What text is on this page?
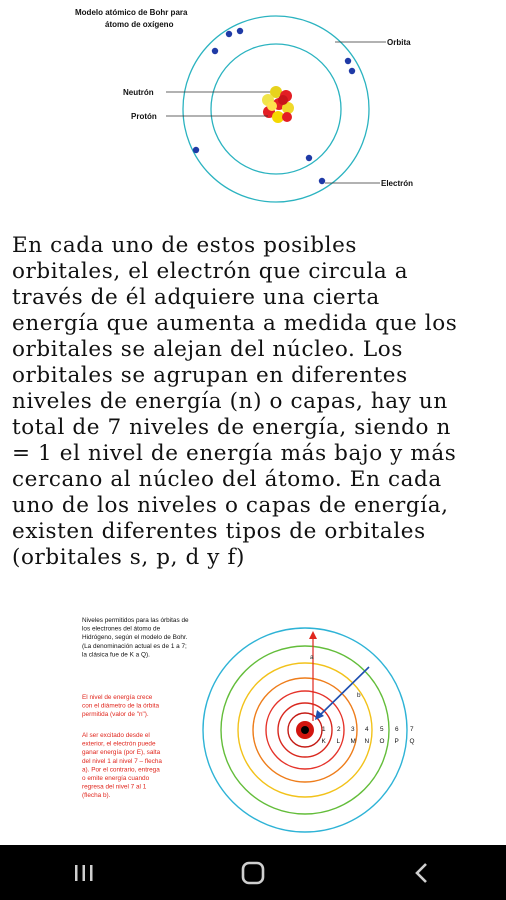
Modelo atómico de Bohr para
átomo de oxígeno
Orbita
Neutrón
Protón
Electrón

En cada uno de estos posibles
orbitales, el electrón que circula a
través de él adquiere una cierta
energía que aumenta a medida que los
orbitales se alejan del núcleo. Los
orbitales se agrupan en diferentes
niveles de energía (n) o capas, hay un
total de 7 niveles de energía, siendo n
= 1 el nivel de energía más bajo y más
cercano al núcleo del átomo. En cada
uno de los niveles o capas de energía,
existen diferentes tipos de orbitales
(orbitales s, p, d y f)

Niveles permitidos para las órbitas de
los electrones del átomo de
Hidrógeno, según el modelo de Bohr.
(La denominación actual es de 1 a 7;
la clásica fue de K a Q).
El nivel de energía crece
con el diámetro de la órbita
permitida (valor de "n").
Al ser excitado desde el
exterior, el electrón puede
ganar energía (por E), salta
del nivel 1 al nivel 7 – flecha
a). Por el contrario, entrega
o emite energía cuando
regresa del nivel 7 al 1
(flecha b).
a
b
1
K
2
L
3
M
4
N
5
O
6
P
7
Q
